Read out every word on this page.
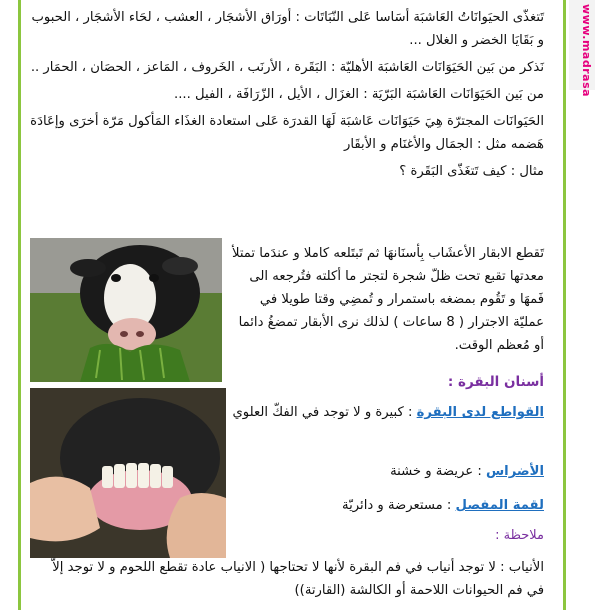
www.madrasa

تَتغذّى الحيَوانَاتُ العَاشبَة أسَاسا عَلى النّبَاتَات : أورَاق الأشجَار ، العشب ، لحَاء الأشجَار ، الحبوب و بَقَايَا الخضر و الغلال ...

نَذكر من بَين الحَيَوَانَات العَاشبَة الأهليّة : البَقَرة ، الأرنَب ، الخَروف ، المَاعز ، الحصَان ، الحمَار ..

من بَين الحَيَوَانَات العَاشبَة البَرّيَة : الغزَال ، الأيل ، الزّرَافَة ، الفيل ....

الحَيَوانَات المجترّة هِيَ حَيَوَانَات عَاشبَة لَهَا القدرَة عَلى استعادة الغذَاء المَأكول مَرّة أخرَى وإعَادَة هَضمه مثل : الجمَال والأغنَام و الأبقَار

مثال : كيف تَتغَذّى البَقَرة ؟

تَقطع الابقار الأعشَاب بِأسنَانهَا ثم تَبتَلعه كاملا و عندَما تمتلأ معدتها تقبع تحت ظلّ شجرة لتجتر ما أكلته فتُرجعه الى فَمهَا و تَقُوم بمضغه باستمرار و تُمضِي وقتا طويلا في عمليّة الاجترار ( 8 ساعات ) لذلك نرى الأبقار تمضغُ دائما أو مُعظم الوقت.
أسنان البقرة :
القواطع لدى البقرة : كبيرة و لا توجد في الفكّ العلوي
الأضراس : عريضة و خشنة
لقمة المفصل : مستعرضة و دائريّة
ملاحظة :
الأنياب : لا توجد أنياب في فم البقرة لأنها لا تحتاجها ( الانياب عادة تقطع اللحوم و لا توجد إلاّ في فم الحيوانات اللاحمة أو الكالشة (القارتة))
